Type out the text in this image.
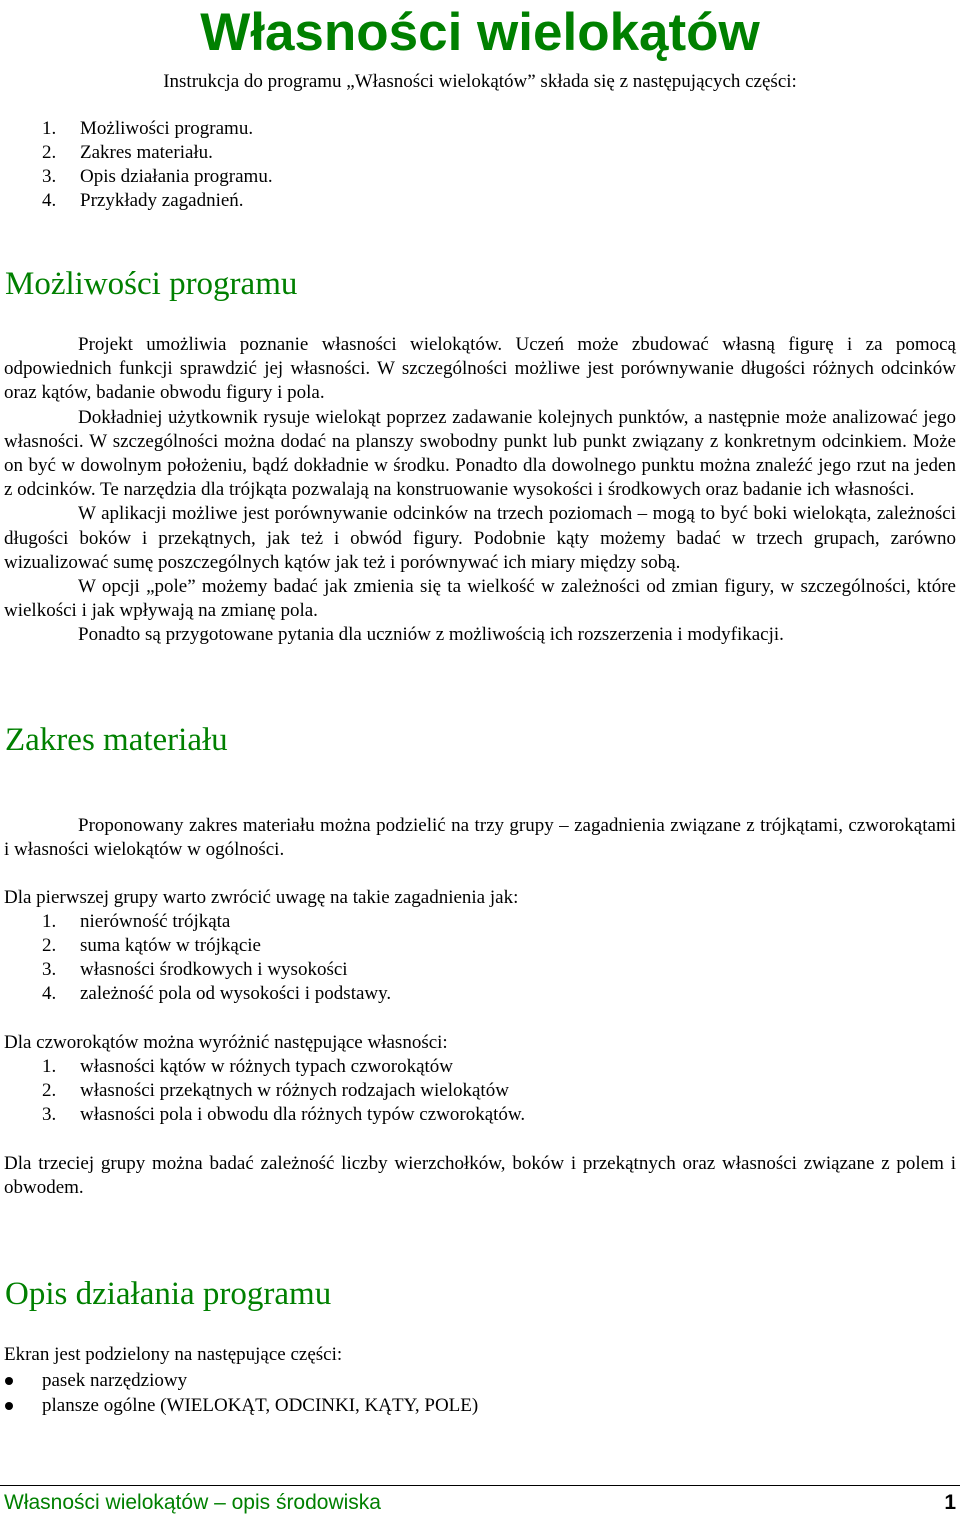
Własności wielokątów
Instrukcja do programu „Własności wielokątów” składa się z następujących części:
1. Możliwości programu.
2. Zakres materiału.
3. Opis działania programu.
4. Przykłady zagadnień.
Możliwości programu
Projekt umożliwia poznanie własności wielokątów. Uczeń może zbudować własną figurę i za pomocą odpowiednich funkcji sprawdzić jej własności. W szczególności możliwe jest porównywanie długości różnych odcinków oraz kątów, badanie obwodu figury i pola.
Dokładniej użytkownik rysuje wielokąt poprzez zadawanie kolejnych punktów, a następnie może analizować jego własności. W szczególności można dodać na planszy swobodny punkt lub punkt związany z konkretnym odcinkiem. Może on być w dowolnym położeniu, bądź dokładnie w środku. Ponadto dla dowolnego punktu można znaleźć jego rzut na jeden z odcinków. Te narzędzia dla trójkąta pozwalają na konstruowanie wysokości i środkowych oraz badanie ich własności.
W aplikacji możliwe jest porównywanie odcinków na trzech poziomach – mogą to być boki wielokąta, zależności długości boków i przekątnych, jak też i obwód figury. Podobnie kąty możemy badać w trzech grupach, zarówno wizualizować sumę poszczególnych kątów jak też i porównywać ich miary między sobą.
W opcji „pole” możemy badać jak zmienia się ta wielkość w zależności od zmian figury, w szczególności, które wielkości i jak wpływają na zmianę pola.
Ponadto są przygotowane pytania dla uczniów z możliwością ich rozszerzenia i modyfikacji.
Zakres materiału
Proponowany zakres materiału można podzielić na trzy grupy – zagadnienia związane z trójkątami, czworokątami i własności wielokątów w ogólności.
Dla pierwszej grupy warto zwrócić uwagę na takie zagadnienia jak:
1. nierówność trójkąta
2. suma kątów w trójkącie
3. własności środkowych i wysokości
4. zależność pola od wysokości i podstawy.
Dla czworokątów można wyróżnić następujące własności:
1. własności kątów w różnych typach czworokątów
2. własności przekątnych w różnych rodzajach wielokątów
3. własności pola i obwodu dla różnych typów czworokątów.
Dla trzeciej grupy można badać zależność liczby wierzchołków, boków i przekątnych oraz własności związane z polem i obwodem.
Opis działania programu
Ekran jest podzielony na następujące części:
pasek narzędziowy
plansze ogólne (WIELOKĄT, ODCINKI, KĄTY, POLE)
Własności wielokątów – opis środowiska	1
